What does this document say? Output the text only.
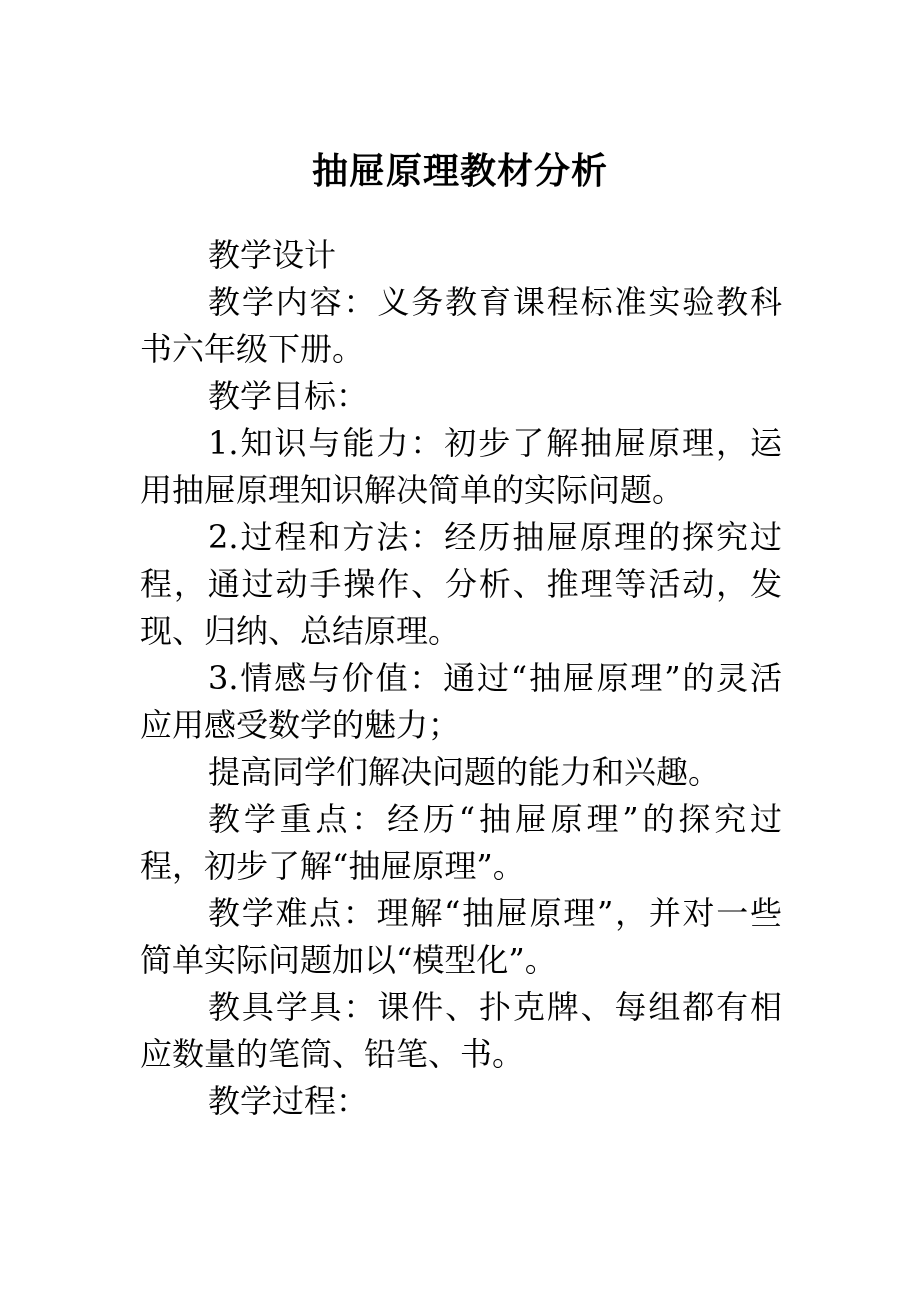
抽屉原理教材分析

教学设计

教学内容：义务教育课程标准实验教科书六年级下册。

教学目标：

1.知识与能力：初步了解抽屉原理，运用抽屉原理知识解决简单的实际问题。

2.过程和方法：经历抽屉原理的探究过程，通过动手操作、分析、推理等活动，发现、归纳、总结原理。

3.情感与价值：通过“抽屉原理”的灵活应用感受数学的魅力；

提高同学们解决问题的能力和兴趣。

教学重点：经历“抽屉原理”的探究过程，初步了解“抽屉原理”。

教学难点：理解“抽屉原理”，并对一些简单实际问题加以“模型化”。

教具学具：课件、扑克牌、每组都有相应数量的笔筒、铅笔、书。

教学过程：
